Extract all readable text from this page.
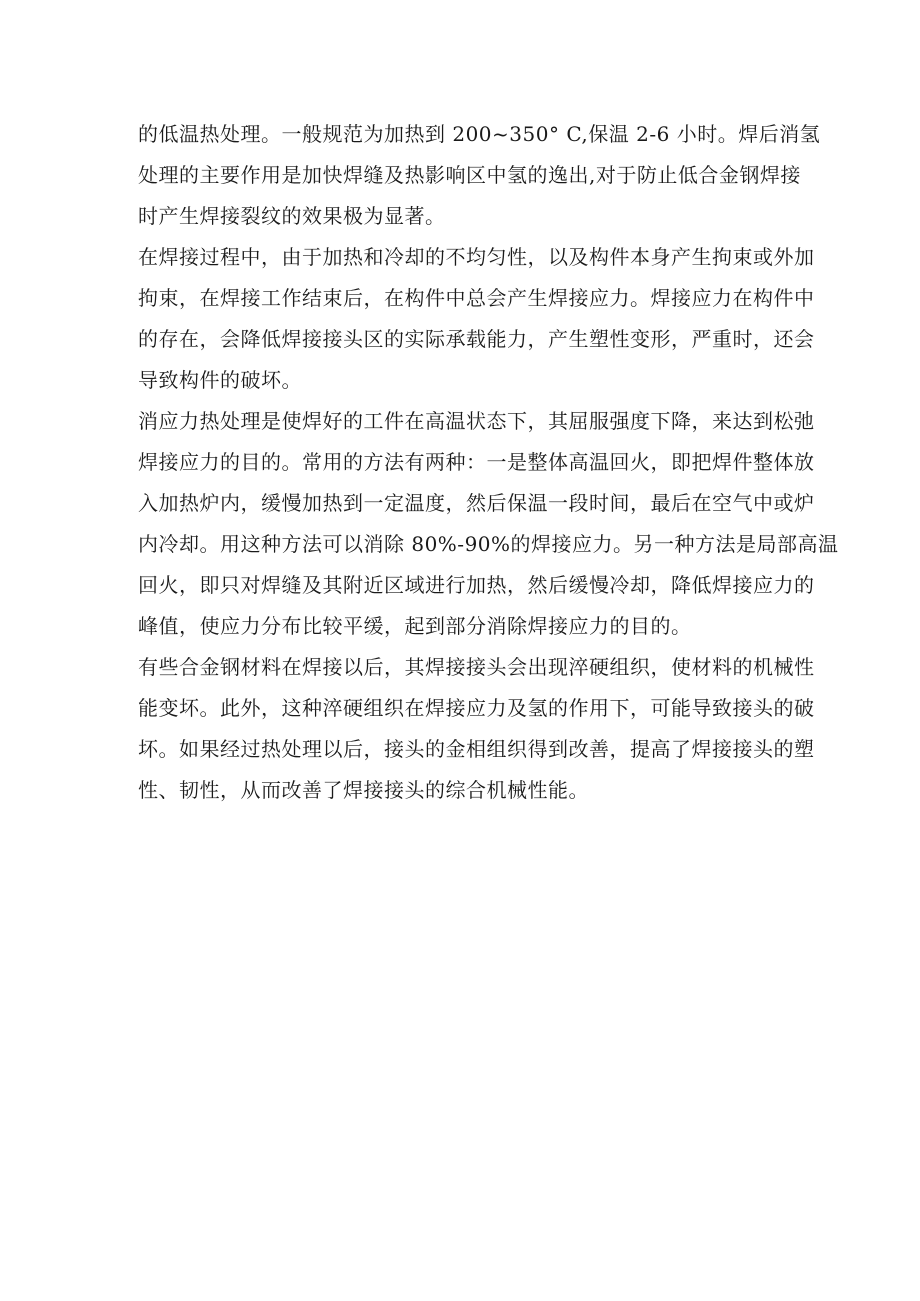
的低温热处理。一般规范为加热到 200~350° C,保温 2-6 小时。焊后消氢
处理的主要作用是加快焊缝及热影响区中氢的逸出,对于防止低合金钢焊接
时产生焊接裂纹的效果极为显著。

在焊接过程中，由于加热和冷却的不均匀性，以及构件本身产生拘束或外加
拘束，在焊接工作结束后，在构件中总会产生焊接应力。焊接应力在构件中
的存在，会降低焊接接头区的实际承载能力，产生塑性变形，严重时，还会
导致构件的破坏。

消应力热处理是使焊好的工件在高温状态下，其屈服强度下降，来达到松弛
焊接应力的目的。常用的方法有两种：一是整体高温回火，即把焊件整体放
入加热炉内，缓慢加热到一定温度，然后保温一段时间，最后在空气中或炉
内冷却。用这种方法可以消除 80%-90%的焊接应力。另一种方法是局部高温
回火，即只对焊缝及其附近区域进行加热，然后缓慢冷却，降低焊接应力的
峰值，使应力分布比较平缓，起到部分消除焊接应力的目的。

有些合金钢材料在焊接以后，其焊接接头会出现淬硬组织，使材料的机械性
能变坏。此外，这种淬硬组织在焊接应力及氢的作用下，可能导致接头的破
坏。如果经过热处理以后，接头的金相组织得到改善，提高了焊接接头的塑
性、韧性，从而改善了焊接接头的综合机械性能。
